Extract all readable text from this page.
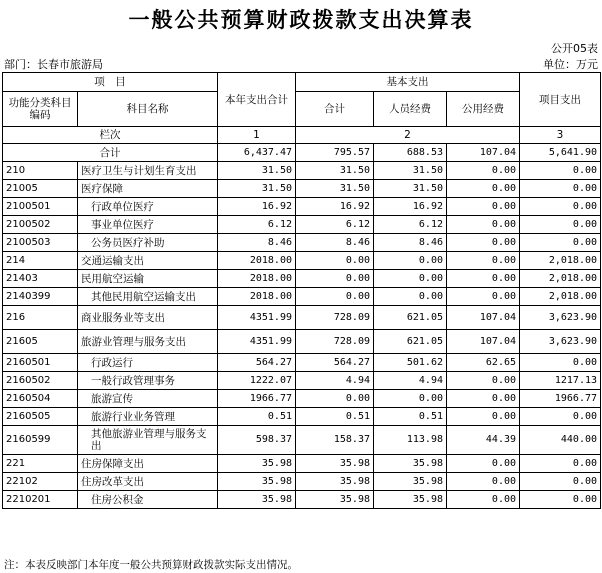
一般公共预算财政拨款支出决算表
公开05表
部门：长春市旅游局	单位：万元
项　目		本年支出合计	基本支出			项目支出
功能分类科目编码	科目名称					
			合计	人员经费	公用经费	
栏次		1	2			3
合计		6,437.47	795.57	688.53	107.04	5,641.90
210	医疗卫生与计划生育支出	31.50	31.50	31.50	0.00	0.00
21005	医疗保障	31.50	31.50	31.50	0.00	0.00
2100501	行政单位医疗	16.92	16.92	16.92	0.00	0.00
2100502	事业单位医疗	6.12	6.12	6.12	0.00	0.00
2100503	公务员医疗补助	8.46	8.46	8.46	0.00	0.00
214	交通运输支出	2018.00	0.00	0.00	0.00	2,018.00
21403	民用航空运输	2018.00	0.00	0.00	0.00	2,018.00
2140399	其他民用航空运输支出	2018.00	0.00	0.00	0.00	2,018.00
216	商业服务业等支出	4351.99	728.09	621.05	107.04	3,623.90
21605	旅游业管理与服务支出	4351.99	728.09	621.05	107.04	3,623.90
2160501	行政运行	564.27	564.27	501.62	62.65	0.00
2160502	一般行政管理事务	1222.07	4.94	4.94	0.00	1217.13
2160504	旅游宣传	1966.77	0.00	0.00	0.00	1966.77
2160505	旅游行业业务管理	0.51	0.51	0.51	0.00	0.00
2160599	其他旅游业管理与服务支出	598.37	158.37	113.98	44.39	440.00
221	住房保障支出	35.98	35.98	35.98	0.00	0.00
22102	住房改革支出	35.98	35.98	35.98	0.00	0.00
2210201	住房公积金	35.98	35.98	35.98	0.00	0.00
注：本表反映部门本年度一般公共预算财政拨款实际支出情况。
